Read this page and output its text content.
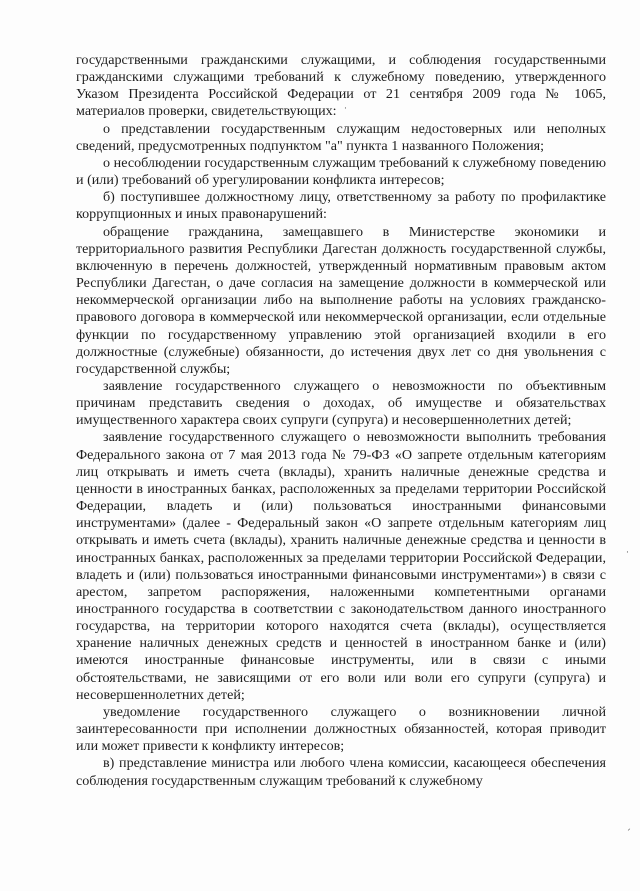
государственными гражданскими служащими, и соблюдения государственными гражданскими служащими требований к служебному поведению, утвержденного Указом Президента Российской Федерации от 21 сентября 2009 года № 1065, материалов проверки, свидетельствующих:

о представлении государственным служащим недостоверных или неполных сведений, предусмотренных подпунктом "а" пункта 1 названного Положения;

о несоблюдении государственным служащим требований к служебному поведению и (или) требований об урегулировании конфликта интересов;

б) поступившее должностному лицу, ответственному за работу по профилактике коррупционных и иных правонарушений:

обращение гражданина, замещавшего в Министерстве экономики и территориального развития Республики Дагестан должность государственной службы, включенную в перечень должностей, утвержденный нормативным правовым актом Республики Дагестан, о даче согласия на замещение должности в коммерческой или некоммерческой организации либо на выполнение работы на условиях гражданско-правового договора в коммерческой или некоммерческой организации, если отдельные функции по государственному управлению этой организацией входили в его должностные (служебные) обязанности, до истечения двух лет со дня увольнения с государственной службы;

заявление государственного служащего о невозможности по объективным причинам представить сведения о доходах, об имуществе и обязательствах имущественного характера своих супруги (супруга) и несовершеннолетних детей;

заявление государственного служащего о невозможности выполнить требования Федерального закона от 7 мая 2013 года № 79-ФЗ «О запрете отдельным категориям лиц открывать и иметь счета (вклады), хранить наличные денежные средства и ценности в иностранных банках, расположенных за пределами территории Российской Федерации, владеть и (или) пользоваться иностранными финансовыми инструментами» (далее - Федеральный закон «О запрете отдельным категориям лиц открывать и иметь счета (вклады), хранить наличные денежные средства и ценности в иностранных банках, расположенных за пределами территории Российской Федерации, владеть и (или) пользоваться иностранными финансовыми инструментами») в связи с арестом, запретом распоряжения, наложенными компетентными органами иностранного государства в соответствии с законодательством данного иностранного государства, на территории которого находятся счета (вклады), осуществляется хранение наличных денежных средств и ценностей в иностранном банке и (или) имеются иностранные финансовые инструменты, или в связи с иными обстоятельствами, не зависящими от его воли или воли его супруги (супруга) и несовершеннолетних детей;

уведомление государственного служащего о возникновении личной заинтересованности при исполнении должностных обязанностей, которая приводит или может привести к конфликту интересов;

в) представление министра или любого члена комиссии, касающееся обеспечения соблюдения государственным служащим требований к служебному

·
·
ˏ
